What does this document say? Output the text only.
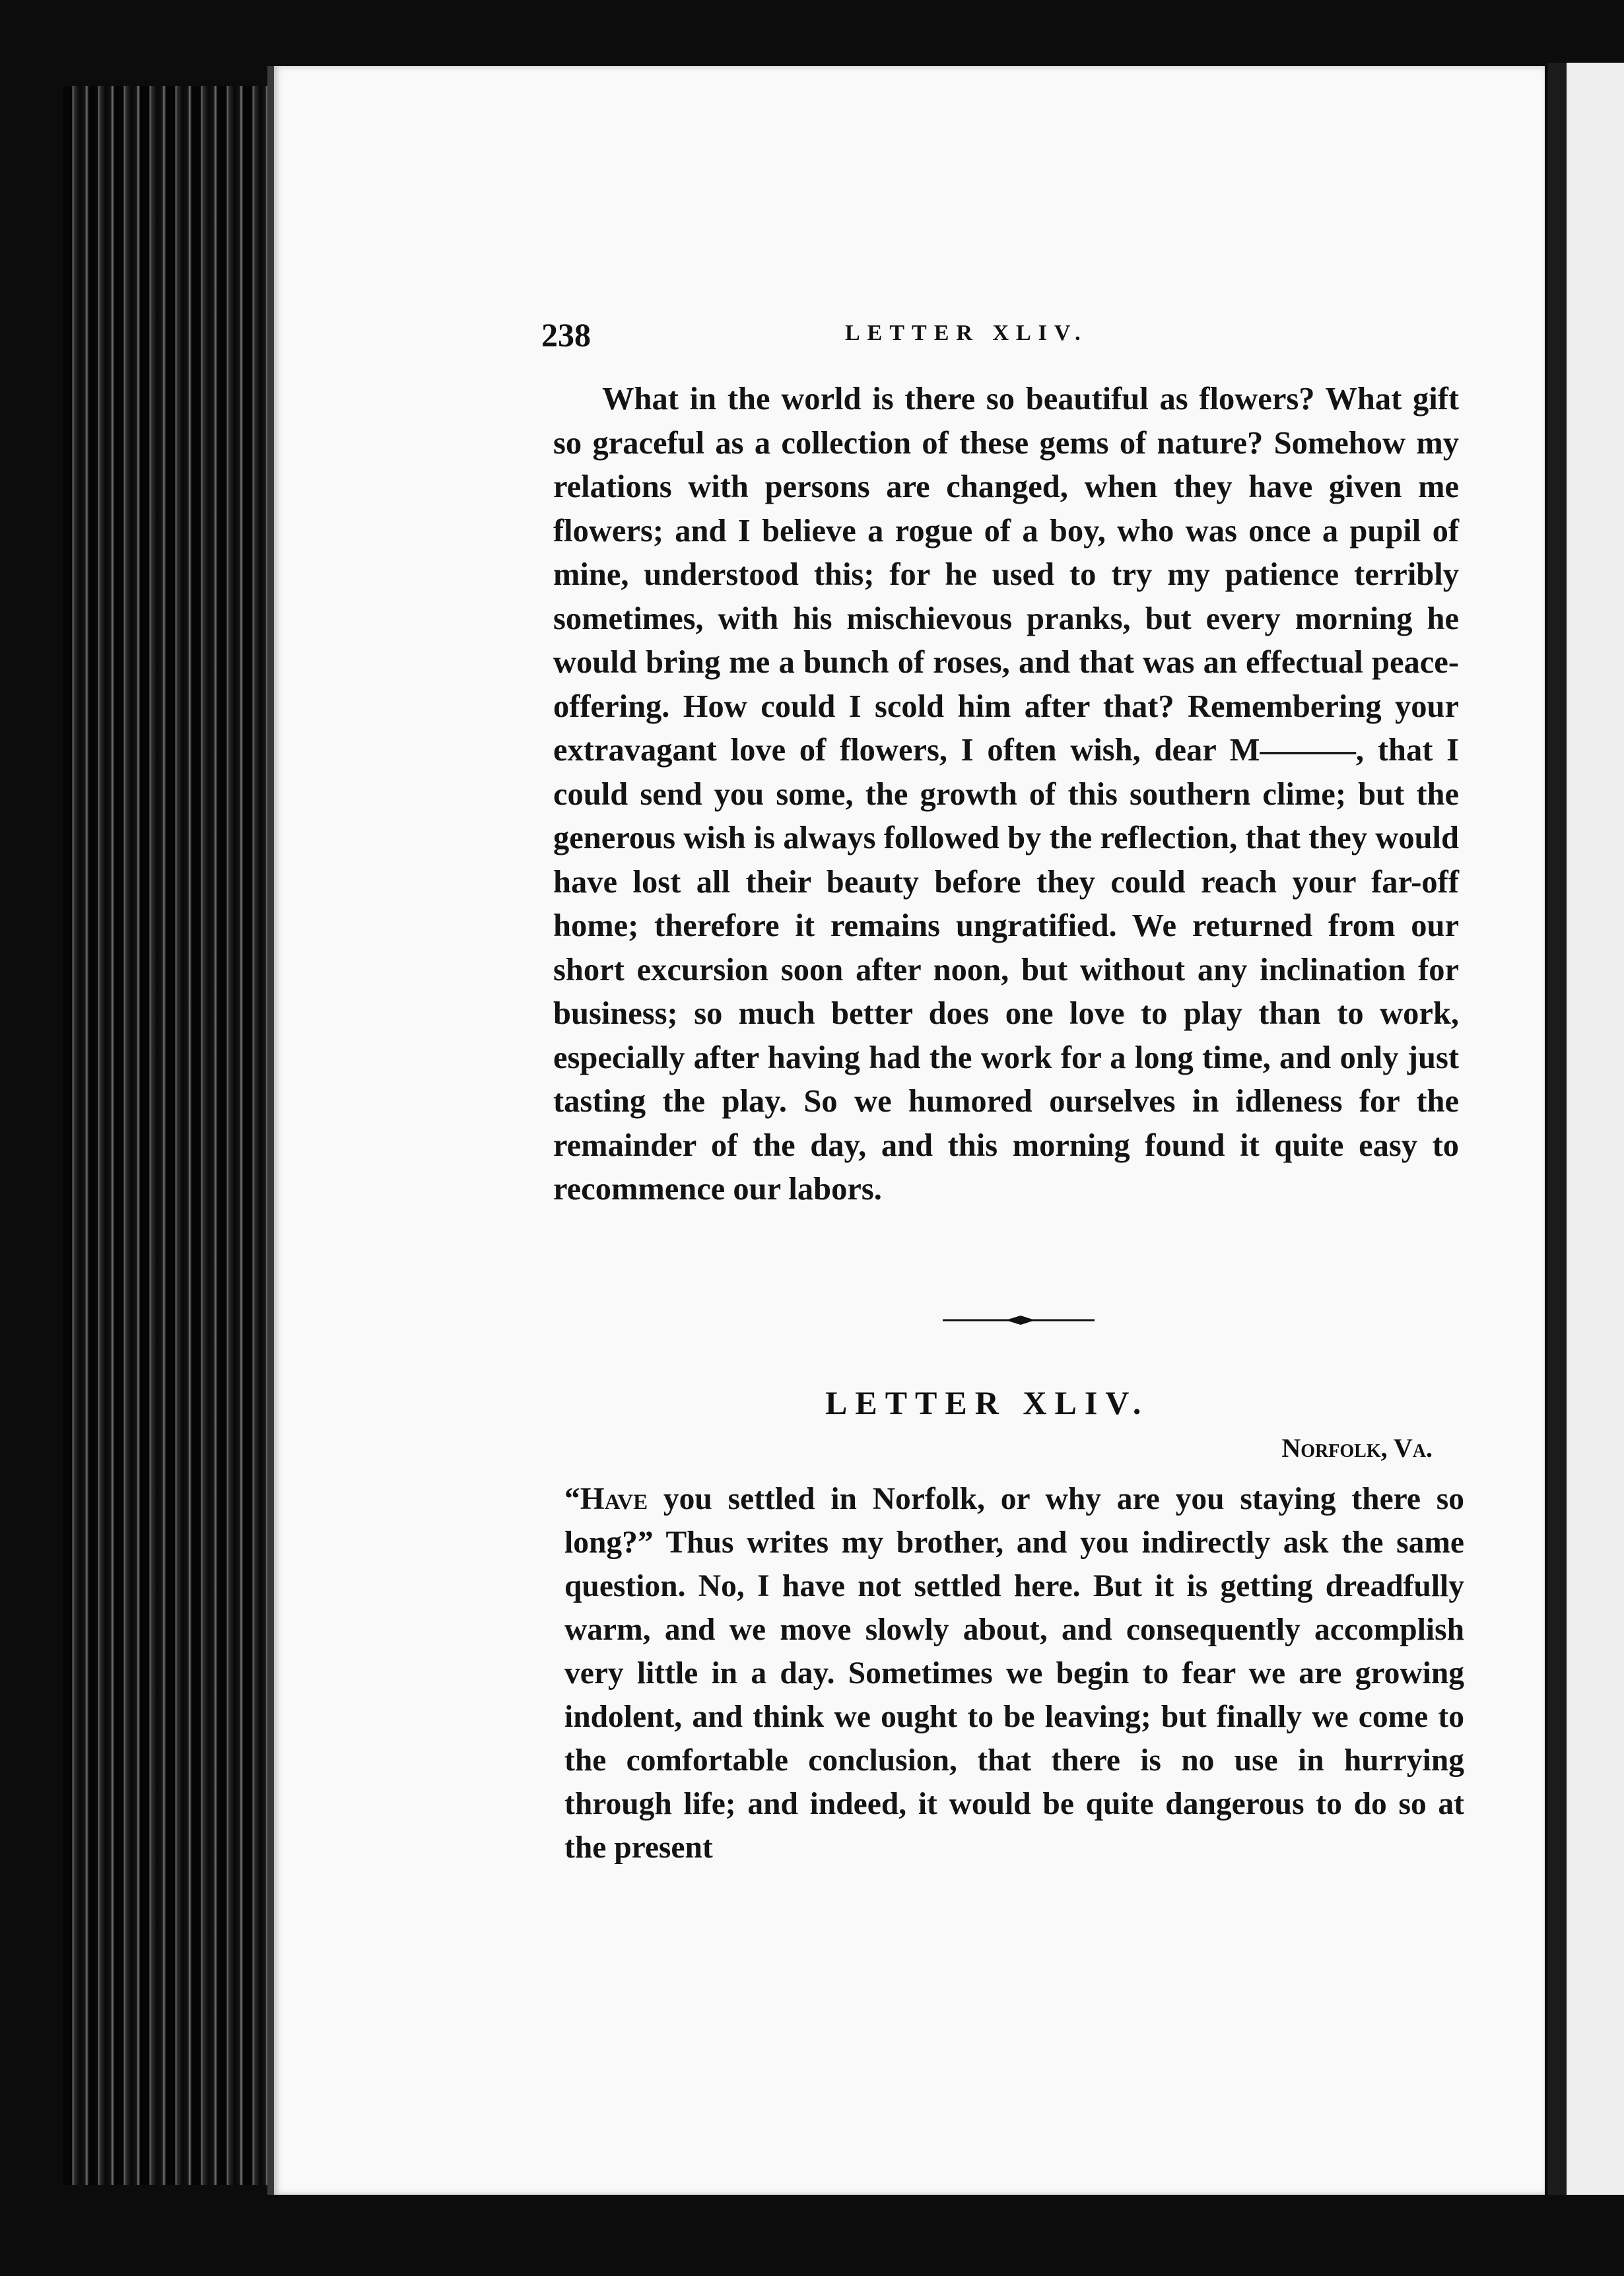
238	LETTER XLIV.

What in the world is there so beautiful as flowers? What gift so graceful as a collection of these gems of nature? Somehow my relations with persons are changed, when they have given me flowers; and I believe a rogue of a boy, who was once a pupil of mine, understood this; for he used to try my patience terribly sometimes, with his mischievous pranks, but every morning he would bring me a bunch of roses, and that was an effectual peace-offering. How could I scold him after that? Remembering your extravagant love of flowers, I often wish, dear M———, that I could send you some, the growth of this southern clime; but the generous wish is always followed by the reflection, that they would have lost all their beauty before they could reach your far-off home; therefore it remains ungratified. We returned from our short excursion soon after noon, but without any inclination for business; so much better does one love to play than to work, especially after having had the work for a long time, and only just tasting the play. So we humored ourselves in idleness for the remainder of the day, and this morning found it quite easy to recommence our labors.

LETTER XLIV.
Norfolk, Va.

“Have you settled in Norfolk, or why are you staying there so long?” Thus writes my brother, and you indirectly ask the same question. No, I have not settled here. But it is getting dreadfully warm, and we move slowly about, and consequently accomplish very little in a day. Sometimes we begin to fear we are growing indolent, and think we ought to be leaving; but finally we come to the comfortable conclusion, that there is no use in hurrying through life; and indeed, it would be quite dangerous to do so at the present
